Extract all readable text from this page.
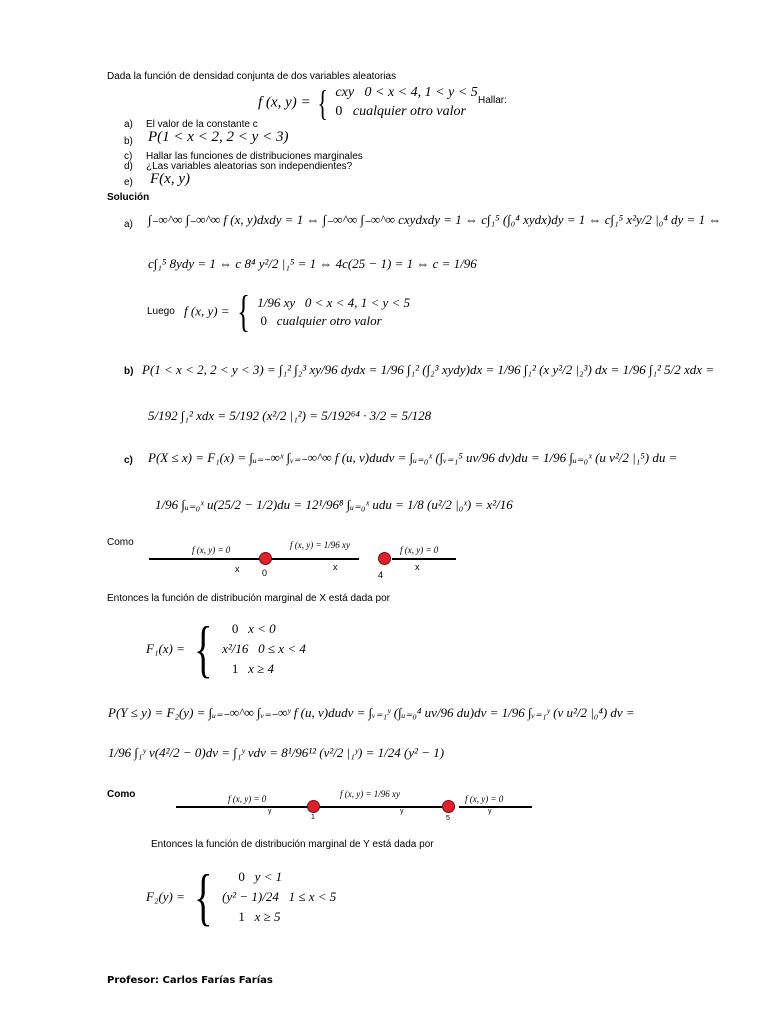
Dada la función de densidad conjunta de dos variables aleatorias
f (x, y) = { cxy 0 < x < 4, 1 < y < 5
0 cualquier otro valor
Hallar:
a) El valor de la constante c
b) P(1 < x < 2, 2 < y < 3)
c) Hallar las funciones de distribuciones marginales
d) ¿Las variables aleatorias son independientes?
e) F(x, y)
Solución
a) ∫₋∞^∞ ∫₋∞^∞ f (x, y)dxdy = 1 ⇔ ∫₋∞^∞ ∫₋∞^∞ cxydxdy = 1 ⇔ c∫₁⁵ (∫₀⁴ xydx)dy = 1 ⇔ c∫₁⁵ x²y/2 |₀⁴ dy = 1 ⇔
c∫₁⁵ 8ydy = 1 ⇔ c 8⁴ y²/2 |₁⁵ = 1 ⇔ 4c(25 − 1) = 1 ⇔ c = 1/96
Luego f (x, y) = { 1/96 xy 0 < x < 4, 1 < y < 5
0 cualquier otro valor
b) P(1 < x < 2, 2 < y < 3) = ∫₁² ∫₂³ xy/96 dydx = 1/96 ∫₁² (∫₂³ xydy)dx = 1/96 ∫₁² (x y²/2 |₂³) dx = 1/96 ∫₁² 5/2 xdx =
5/192 ∫₁² xdx = 5/192 (x²/2 |₁²) = 5/192⁶⁴ · 3/2 = 5/128
c) P(X ≤ x) = F₁(x) = ∫ᵤ₌₋∞ˣ ∫ᵥ₌₋∞^∞ f (u, v)dudv = ∫ᵤ₌₀ˣ (∫ᵥ₌₁⁵ uv/96 dv)du = 1/96 ∫ᵤ₌₀ˣ (u v²/2 |₁⁵) du =
1/96 ∫ᵤ₌₀ˣ u(25/2 − 1/2)du = 12¹/96⁸ ∫ᵤ₌₀ˣ udu = 1/8 (u²/2 |₀ˣ) = x²/16
Como
f (x, y) = 0	f (x, y) = 1/96 xy	f (x, y) = 0
x	x	x
0	4
Entonces la función de distribución marginal de X está dada por
F₁(x) = {	0 x < 0
x²/16 0 ≤ x < 4
1 x ≥ 4
P(Y ≤ y) = F₂(y) = ∫ᵤ₌₋∞^∞ ∫ᵥ₌₋∞ʸ f (u, v)dudv = ∫ᵥ₌₁ʸ (∫ᵤ₌₀⁴ uv/96 du)dv = 1/96 ∫ᵥ₌₁ʸ (v u²/2 |₀⁴) dv =
1/96 ∫₁ʸ v(4²/2 − 0)dv = ∫₁ʸ vdv = 8¹/96¹² (v²/2 |₁ʸ) = 1/24 (y² − 1)
Como	f (x, y) = 0	f (x, y) = 1/96 xy	f (x, y) = 0
y	y	y
1	5
Entonces la función de distribución marginal de Y está dada por
F₂(y) = {	0 y < 1
(y² − 1)/24 1 ≤ x < 5
1 x ≥ 5
Profesor: Carlos Farías Farías
